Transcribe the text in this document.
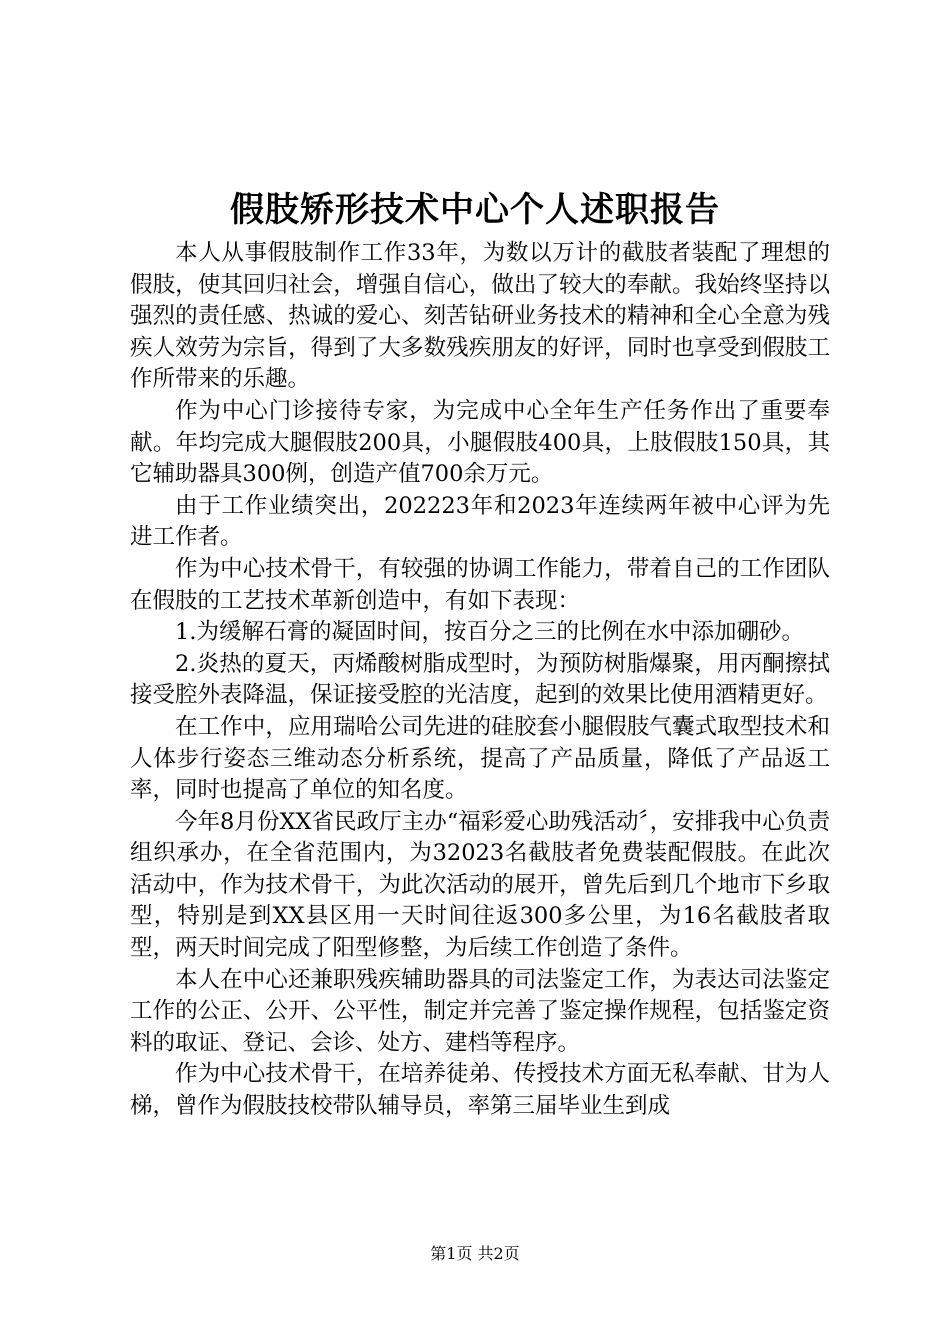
假肢矫形技术中心个人述职报告

本人从事假肢制作工作33年，为数以万计的截肢者装配了理想的假肢，使其回归社会，增强自信心，做出了较大的奉献。我始终坚持以强烈的责任感、热诚的爱心、刻苦钻研业务技术的精神和全心全意为残疾人效劳为宗旨，得到了大多数残疾朋友的好评，同时也享受到假肢工作所带来的乐趣。

作为中心门诊接待专家，为完成中心全年生产任务作出了重要奉献。年均完成大腿假肢200具，小腿假肢400具，上肢假肢150具，其它辅助器具300例，创造产值700余万元。

由于工作业绩突出，202223年和2023年连续两年被中心评为先进工作者。

作为中心技术骨干，有较强的协调工作能力，带着自己的工作团队在假肢的工艺技术革新创造中，有如下表现：

1.为缓解石膏的凝固时间，按百分之三的比例在水中添加硼砂。

2.炎热的夏天，丙烯酸树脂成型时，为预防树脂爆聚，用丙酮擦拭接受腔外表降温，保证接受腔的光洁度，起到的效果比使用酒精更好。

在工作中，应用瑞哈公司先进的硅胶套小腿假肢气囊式取型技术和人体步行姿态三维动态分析系统，提高了产品质量，降低了产品返工率，同时也提高了单位的知名度。

今年8月份XX省民政厅主办“福彩爱心助残活动〞，安排我中心负责组织承办，在全省范围内，为32023名截肢者免费装配假肢。在此次活动中，作为技术骨干，为此次活动的展开，曾先后到几个地市下乡取型，特别是到XX县区用一天时间往返300多公里，为16名截肢者取型，两天时间完成了阳型修整，为后续工作创造了条件。

本人在中心还兼职残疾辅助器具的司法鉴定工作，为表达司法鉴定工作的公正、公开、公平性，制定并完善了鉴定操作规程，包括鉴定资料的取证、登记、会诊、处方、建档等程序。

作为中心技术骨干，在培养徒弟、传授技术方面无私奉献、甘为人梯，曾作为假肢技校带队辅导员，率第三届毕业生到成

第1页 共2页
